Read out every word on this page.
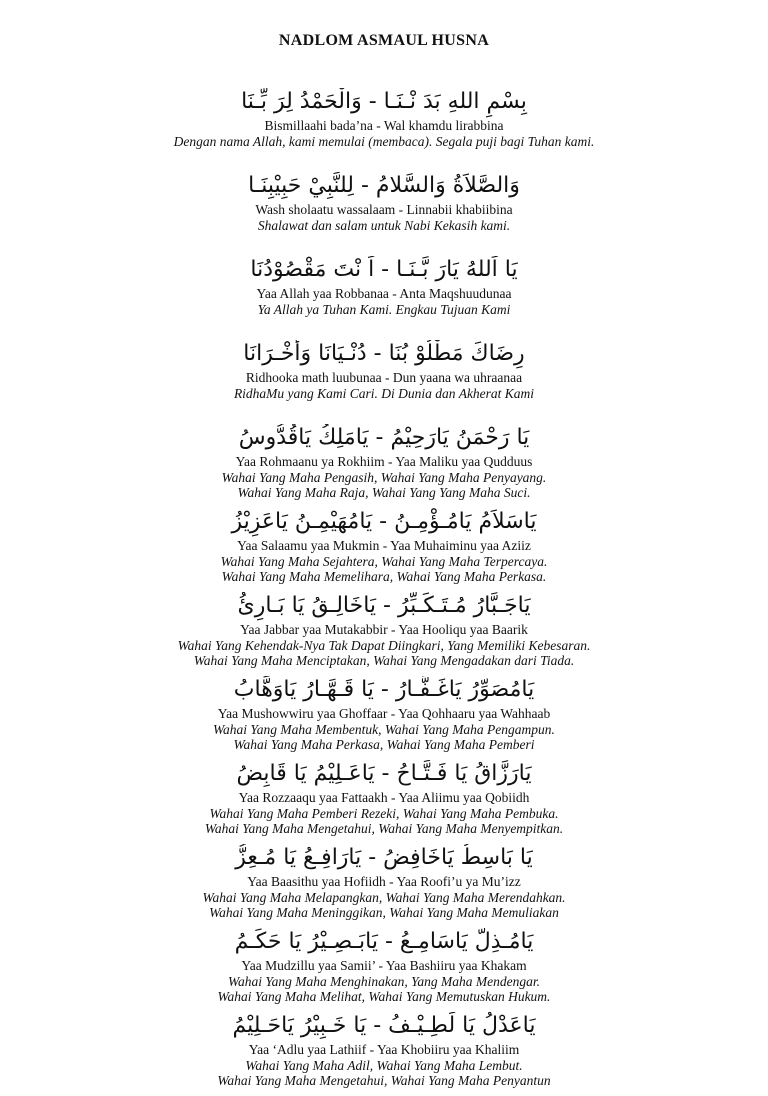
NADLOM ASMAUL HUSNA
بِسْمِ اللهِ بَدَ نْـنَـا - وَالْحَمْدُ لِرَ بِّـنَا
Bismillaahi bada’na - Wal khamdu lirabbina
Dengan nama Allah, kami memulai (membaca). Segala puji bagi Tuhan kami.
وَالصَّلاَةُ وَالسَّلامُ - لِلنَّبِيْ حَبِيْبِنَـا
Wash sholaatu wassalaam - Linnabii khabiibina
Shalawat dan salam untuk Nabi Kekasih kami.
يَا اَللهُ يَارَ بَّـنَـا - اَ نْتَ مَقْصُوْدُنَا
Yaa Allah yaa Robbanaa - Anta Maqshuudunaa
Ya Allah ya Tuhan Kami. Engkau Tujuan Kami
رِضَاكَ مَطْلُوْ بُنَا - دُنْـيَانَا وَأُخْـرَانَا
Ridhooka math luubunaa - Dun yaana wa uhraanaa
RidhaMu yang Kami Cari. Di Dunia dan Akherat Kami
يَا رَحْمَنُ يَارَحِيْمُ - يَامَلِكُ يَاقُدُّوسُ
Yaa Rohmaanu ya Rokhiim - Yaa Maliku yaa Qudduus
Wahai Yang Maha Pengasih, Wahai Yang Maha Penyayang.
Wahai Yang Maha Raja, Wahai Yang Yang Maha Suci.
يَاسَلاَمُ يَامُـؤْمِـنُ - يَامُهَيْمِـنُ يَاعَزِيْزُ
Yaa Salaamu yaa Mukmin - Yaa Muhaiminu yaa Aziiz
Wahai Yang Maha Sejahtera, Wahai Yang Maha Terpercaya.
Wahai Yang Maha Memelihara, Wahai Yang Maha Perkasa.
يَاجَـبَّارُ مُـتَـكَـبِّرُ - يَاخَالِـقُ يَا بَـارِئُ
Yaa Jabbar yaa Mutakabbir - Yaa Hooliqu yaa Baarik
Wahai Yang Kehendak-Nya Tak Dapat Diingkari, Yang Memiliki Kebesaran.
Wahai Yang Maha Menciptakan, Wahai Yang Mengadakan dari Tiada.
يَامُصَوِّرُ يَاغَـفَّـارُ - يَا قَـهَّـارُ يَاوَهَّابُ
Yaa Mushowwiru yaa Ghoffaar - Yaa Qohhaaru yaa Wahhaab
Wahai Yang Maha Membentuk, Wahai Yang Maha Pengampun.
Wahai Yang Maha Perkasa, Wahai Yang Maha Pemberi
يَارَزَّاقُ يَا فَـتَّـاحُ - يَاعَـلِيْمُ يَا قَابِضُ
Yaa Rozzaaqu yaa Fattaakh - Yaa Aliimu yaa Qobiidh
Wahai Yang Maha Pemberi Rezeki, Wahai Yang Maha Pembuka.
Wahai Yang Maha Mengetahui, Wahai Yang Maha Menyempitkan.
يَا بَاسِطُ يَاخَافِضُ - يَارَافِـعُ يَا مُـعِزُّ
Yaa Baasithu yaa Hofiidh - Yaa Roofi’u ya Mu’izz
Wahai Yang Maha Melapangkan, Wahai Yang Maha Merendahkan.
Wahai Yang Maha Meninggikan, Wahai Yang Maha Memuliakan
يَامُـذِلُّ يَاسَامِـعُ - يَابَـصِـيْرُ يَا حَكَـمُ
Yaa Mudzillu yaa Samii’ - Yaa Bashiiru yaa Khakam
Wahai Yang Maha Menghinakan, Yang Maha Mendengar.
Wahai Yang Maha Melihat, Wahai Yang Memutuskan Hukum.
يَاعَدْلُ يَا لَطِـيْـفُ - يَا خَـبِيْرُ يَاحَـلِيْمُ
Yaa ‘Adlu yaa Lathiif - Yaa Khobiiru yaa Khaliim
Wahai Yang Maha Adil, Wahai Yang Maha Lembut.
Wahai Yang Maha Mengetahui, Wahai Yang Maha Penyantun
